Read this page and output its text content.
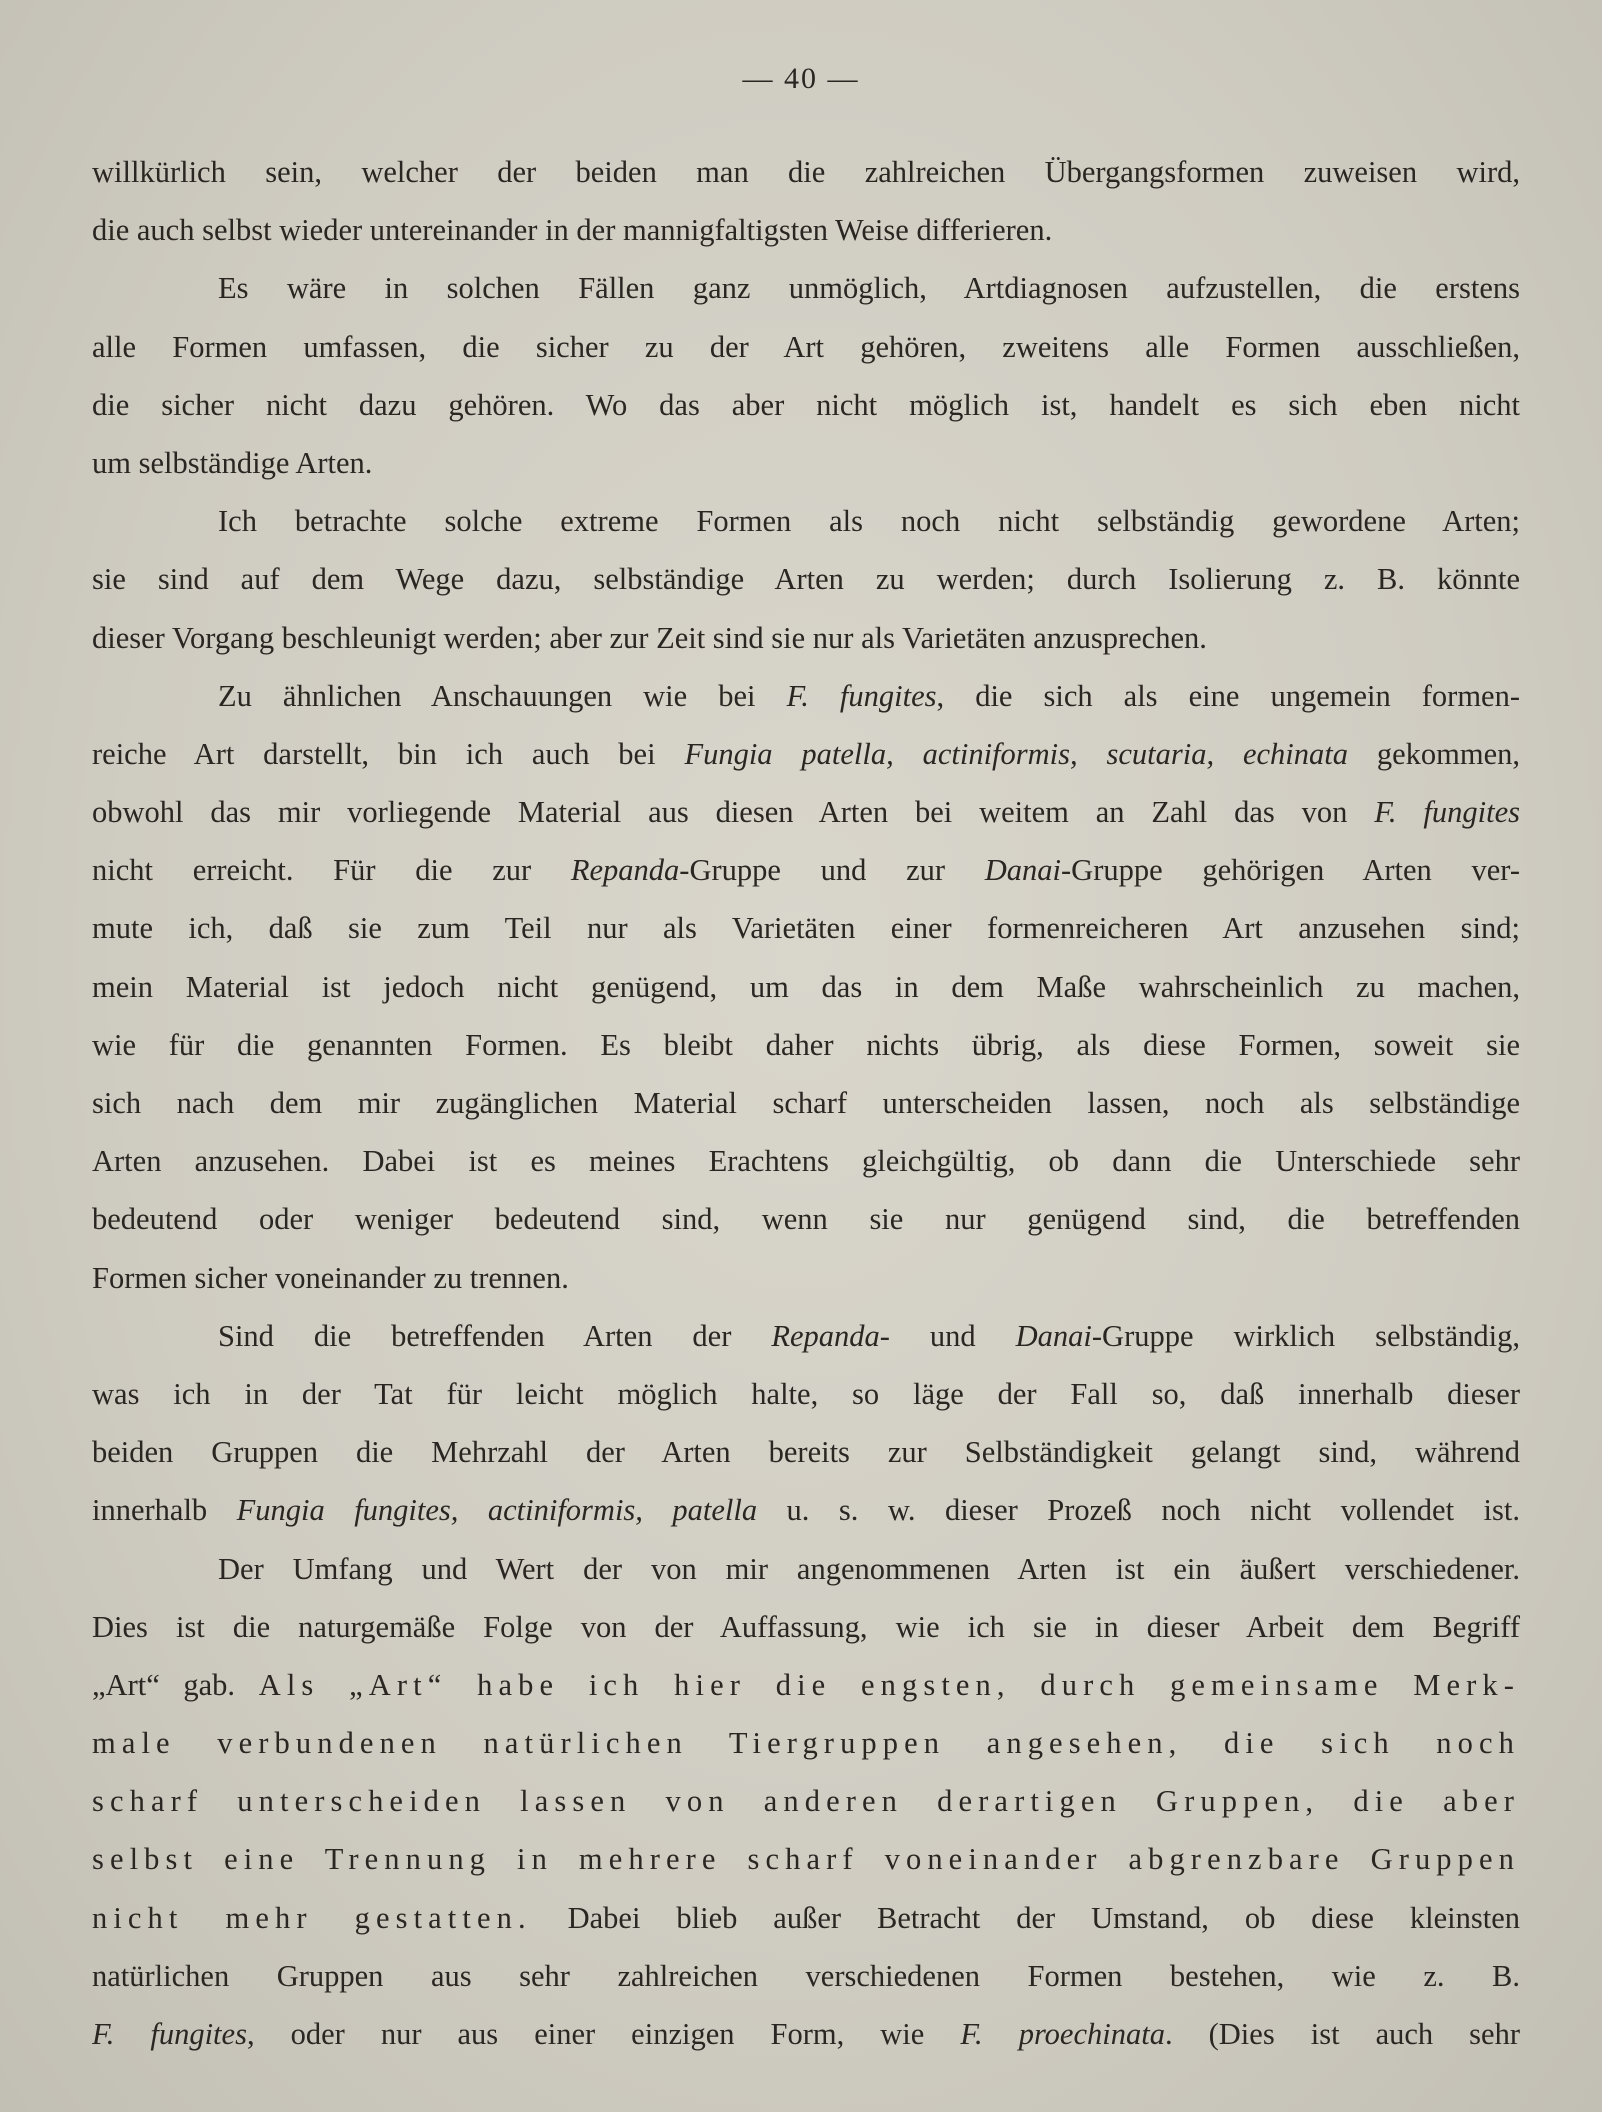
— 40 —
willkürlich sein, welcher der beiden man die zahlreichen Übergangsformen zuweisen wird,
die auch selbst wieder untereinander in der mannigfaltigsten Weise differieren.
Es wäre in solchen Fällen ganz unmöglich, Artdiagnosen aufzustellen, die erstens
alle Formen umfassen, die sicher zu der Art gehören, zweitens alle Formen ausschließen,
die sicher nicht dazu gehören. Wo das aber nicht möglich ist, handelt es sich eben nicht
um selbständige Arten.
Ich betrachte solche extreme Formen als noch nicht selbständig gewordene Arten;
sie sind auf dem Wege dazu, selbständige Arten zu werden; durch Isolierung z. B. könnte
dieser Vorgang beschleunigt werden; aber zur Zeit sind sie nur als Varietäten anzusprechen.
Zu ähnlichen Anschauungen wie bei F. fungites, die sich als eine ungemein formen-
reiche Art darstellt, bin ich auch bei Fungia patella, actiniformis, scutaria, echinata gekommen,
obwohl das mir vorliegende Material aus diesen Arten bei weitem an Zahl das von F. fungites
nicht erreicht. Für die zur Repanda-Gruppe und zur Danai-Gruppe gehörigen Arten ver-
mute ich, daß sie zum Teil nur als Varietäten einer formenreicheren Art anzusehen sind;
mein Material ist jedoch nicht genügend, um das in dem Maße wahrscheinlich zu machen,
wie für die genannten Formen. Es bleibt daher nichts übrig, als diese Formen, soweit sie
sich nach dem mir zugänglichen Material scharf unterscheiden lassen, noch als selbständige
Arten anzusehen. Dabei ist es meines Erachtens gleichgültig, ob dann die Unterschiede sehr
bedeutend oder weniger bedeutend sind, wenn sie nur genügend sind, die betreffenden
Formen sicher voneinander zu trennen.
Sind die betreffenden Arten der Repanda- und Danai-Gruppe wirklich selbständig,
was ich in der Tat für leicht möglich halte, so läge der Fall so, daß innerhalb dieser
beiden Gruppen die Mehrzahl der Arten bereits zur Selbständigkeit gelangt sind, während
innerhalb Fungia fungites, actiniformis, patella u. s. w. dieser Prozeß noch nicht vollendet ist.
Der Umfang und Wert der von mir angenommenen Arten ist ein äußert verschiedener.
Dies ist die naturgemäße Folge von der Auffassung, wie ich sie in dieser Arbeit dem Begriff
„Art“ gab. Als „Art“ habe ich hier die engsten, durch gemeinsame Merk-
male verbundenen natürlichen Tiergruppen angesehen, die sich noch
scharf unterscheiden lassen von anderen derartigen Gruppen, die aber
selbst eine Trennung in mehrere scharf voneinander abgrenzbare Gruppen
nicht mehr gestatten. Dabei blieb außer Betracht der Umstand, ob diese kleinsten
natürlichen Gruppen aus sehr zahlreichen verschiedenen Formen bestehen, wie z. B.
F. fungites, oder nur aus einer einzigen Form, wie F. proechinata. (Dies ist auch sehr
